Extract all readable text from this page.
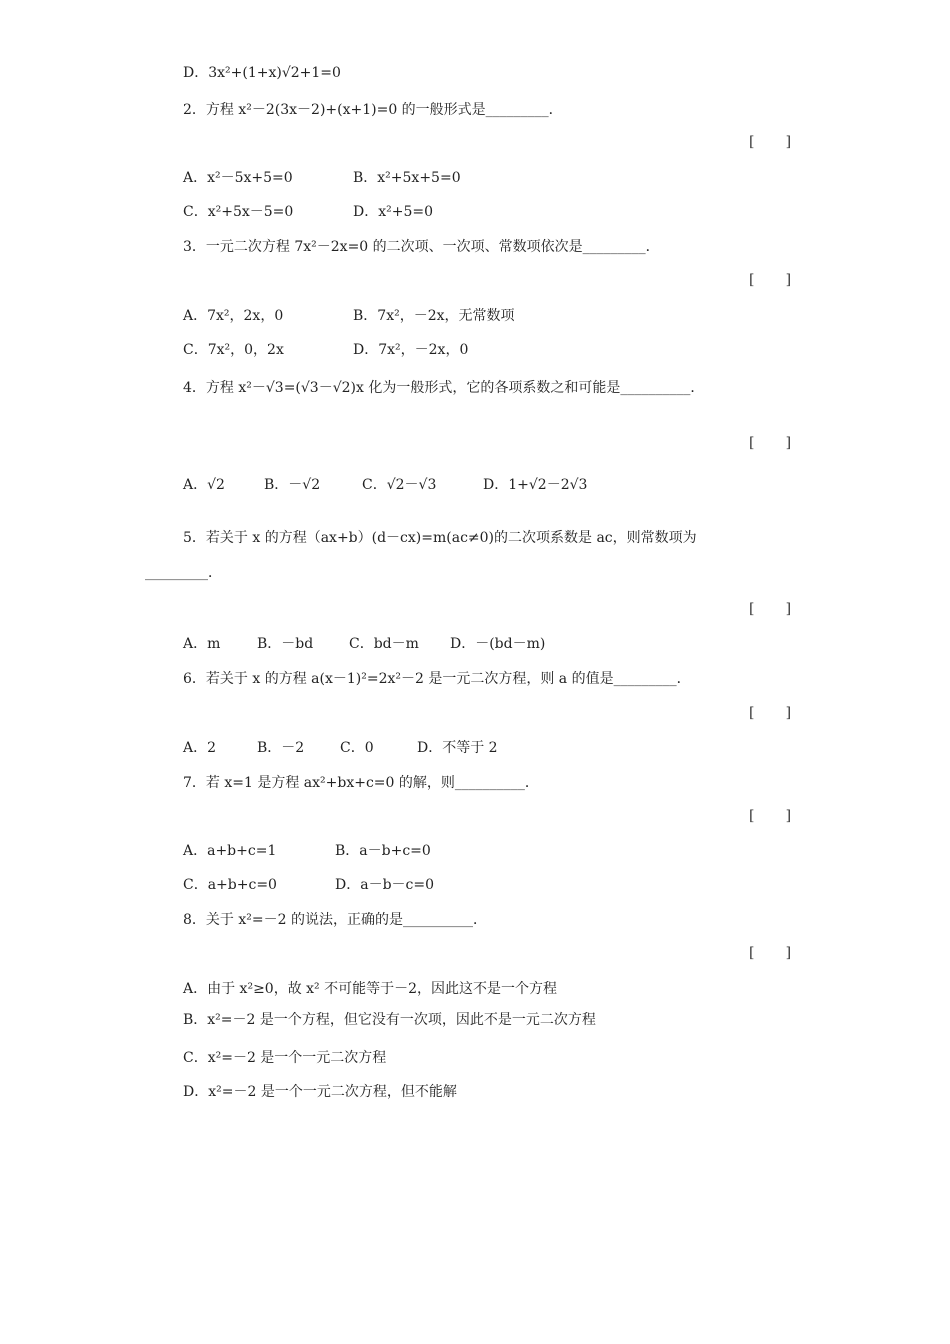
D．3x²+(1+x)√2+1=0
2．方程 x²－2(3x－2)+(x+1)=0 的一般形式是_________．
[       ]
A．x²－5x+5=0	B．x²+5x+5=0
C．x²+5x－5=0	D．x²+5=0
3．一元二次方程 7x²－2x=0 的二次项、一次项、常数项依次是_________．
[       ]
A．7x²，2x，0	B．7x²，－2x，无常数项
C．7x²，0，2x	D．7x²，－2x，0
4．方程 x²－√3=(√3－√2)x 化为一般形式，它的各项系数之和可能是__________．
[       ]
A．√2	B．－√2	C．√2－√3	D．1+√2－2√3
5．若关于 x 的方程（ax+b）(d－cx)=m(ac≠0)的二次项系数是 ac，则常数项为
_________．
[       ]
A．m	B．－bd	C．bd－m D．－(bd－m)
6．若关于 x 的方程 a(x－1)²=2x²－2 是一元二次方程，则 a 的值是_________．
[       ]
A．2	B．－2	C．0	D．不等于 2
7．若 x=1 是方程 ax²+bx+c=0 的解，则__________．
[       ]
A．a+b+c=1	B．a－b+c=0
C．a+b+c=0	D．a－b－c=0
8．关于 x²=－2 的说法，正确的是__________．
[       ]
A．由于 x²≥0，故 x² 不可能等于－2，因此这不是一个方程
B．x²=－2 是一个方程，但它没有一次项，因此不是一元二次方程
C．x²=－2 是一个一元二次方程
D．x²=－2 是一个一元二次方程，但不能解
